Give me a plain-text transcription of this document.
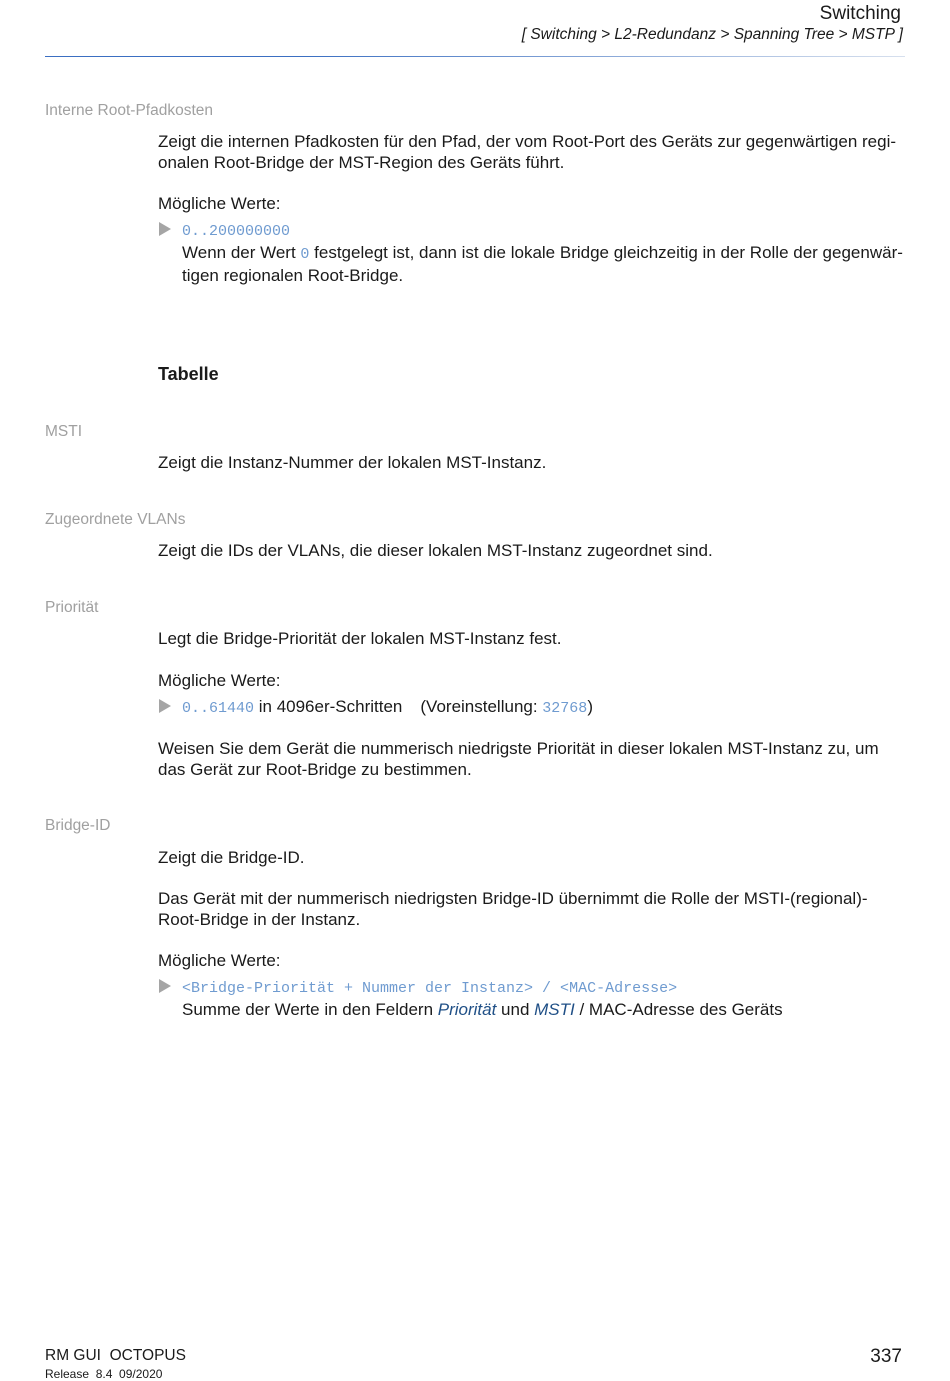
Switching
[ Switching > L2-Redundanz > Spanning Tree > MSTP ]
Interne Root-Pfadkosten
Zeigt die internen Pfadkosten für den Pfad, der vom Root-Port des Geräts zur gegenwärtigen regi-
onalen Root-Bridge der MST-Region des Geräts führt.
Mögliche Werte:
0..200000000
Wenn der Wert 0 festgelegt ist, dann ist die lokale Bridge gleichzeitig in der Rolle der gegenwär-
tigen regionalen Root-Bridge.
Tabelle
MSTI
Zeigt die Instanz-Nummer der lokalen MST-Instanz.
Zugeordnete VLANs
Zeigt die IDs der VLANs, die dieser lokalen MST-Instanz zugeordnet sind.
Priorität
Legt die Bridge-Priorität der lokalen MST-Instanz fest.
Mögliche Werte:
0..61440 in 4096er-Schritten (Voreinstellung: 32768)
Weisen Sie dem Gerät die nummerisch niedrigste Priorität in dieser lokalen MST-Instanz zu, um
das Gerät zur Root-Bridge zu bestimmen.
Bridge-ID
Zeigt die Bridge-ID.
Das Gerät mit der nummerisch niedrigsten Bridge-ID übernimmt die Rolle der MSTI-(regional)-
Root-Bridge in der Instanz.
Mögliche Werte:
<Bridge-Priorität + Nummer der Instanz> / <MAC-Adresse>
Summe der Werte in den Feldern Priorität und MSTI / MAC-Adresse des Geräts
RM GUI  OCTOPUS
Release  8.4  09/2020
337
